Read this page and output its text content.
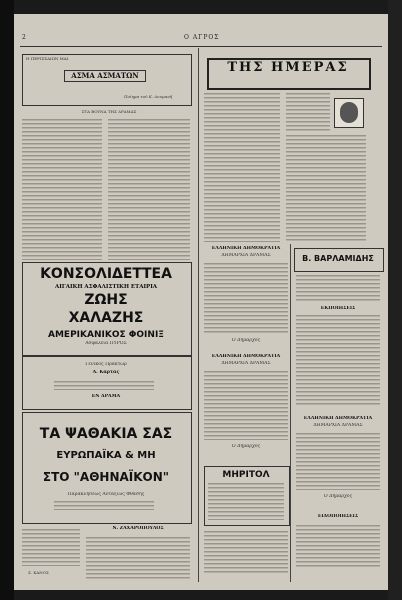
2	Ο ΑΓΡΟΣ
Η ΠΕΡΙΣΣΑΙΩΝ ΜΑΙ.
ΑΣΜΑ ΑΣΜΑΤΩΝ
Ποίημα τοῦ Κ. Δουμανῆ
ΣΤΑ ΒΟΥΝΑ ΤΗΣ ΔΡΑΜΑΣ
ΚΟΝΣΟΛΙΔΕΤΤΕΑ
ΑΙΓΑΙΚΗ ΑΣΦΑΛΙΣΤΙΚΗ ΕΤΑΙΡΙΑ
ΖΩΗΣ
ΧΑΛΑΖΗΣ
ΑΜΕΡΙΚΑΝΙΚΟΣ ΦΟΙΝΙΞ
Ἀσφάλεια ΠΥΡΟΣ
Γενικὸς Πράκτωρ
Α. Κάρτας
ΕΝ ΔΡΑΜΑ
ΤΑ ΨΑΘΑΚΙΑ ΣΑΣ
ΕΥΡΩΠΑΪΚΑ & ΜΗ
ΣΤΟ "ΑΘΗΝΑΪΚΟΝ"
Παρακλήσεως Ἀνταξίως Φθάσης
Σ. ΚΑΝΟΣ
Ν. ΖΑΧΑΡΟΠΟΥΛΟΣ
ΤΗΣ ΗΜΕΡΑΣ
ΕΛΛΗΝΙΚΗ ΔΗΜΟΚΡΑΤΙΑ
ΔΗΜΑΡΧΙΑ ΔΡΑΜΑΣ
Ο Δήμαρχος
ΕΛΛΗΝΙΚΗ ΔΗΜΟΚΡΑΤΙΑ
ΔΗΜΑΡΧΙΑ ΔΡΑΜΑΣ
Ο Δήμαρχος
ΜΗΡΙΤΟΛ
Β. ΒΑΡΛΑΜΙΔΗΣ
ΕΚΠΟΙΗΣΕΙΣ
ΕΛΛΗΝΙΚΗ ΔΗΜΟΚΡΑΤΙΑ
ΔΗΜΑΡΧΙΑ ΔΡΑΜΑΣ
Ο Δήμαρχος
ΕΙΔΟΠΟΙΗΣΕΙΣ
